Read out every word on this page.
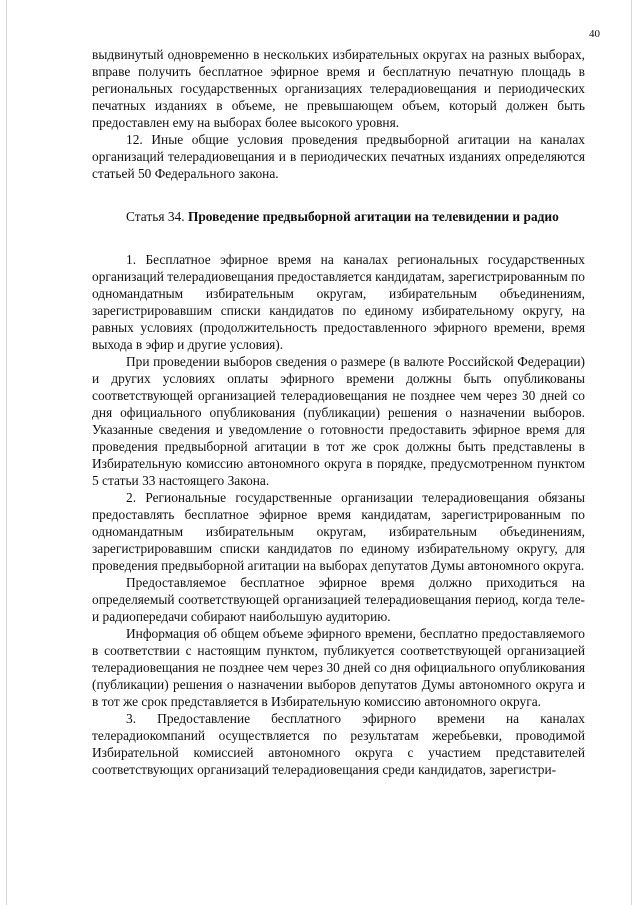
40

выдвинутый одновременно в нескольких избирательных округах на разных выборах, вправе получить бесплатное эфирное время и бесплатную печатную площадь в региональных государственных организациях телерадиовещания и периодических печатных изданиях в объеме, не превышающем объем, который должен быть предоставлен ему на выборах более высокого уровня.

12. Иные общие условия проведения предвыборной агитации на каналах организаций телерадиовещания и в периодических печатных изданиях определяются статьей 50 Федерального закона.

Статья 34. Проведение предвыборной агитации на телевидении и радио

1. Бесплатное эфирное время на каналах региональных государственных организаций телерадиовещания предоставляется кандидатам, зарегистрированным по одномандатным избирательным округам, избирательным объединениям, зарегистрировавшим списки кандидатов по единому избирательному округу, на равных условиях (продолжительность предоставленного эфирного времени, время выхода в эфир и другие условия).

При проведении выборов сведения о размере (в валюте Российской Федерации) и других условиях оплаты эфирного времени должны быть опубликованы соответствующей организацией телерадиовещания не позднее чем через 30 дней со дня официального опубликования (публикации) решения о назначении выборов. Указанные сведения и уведомление о готовности предоставить эфирное время для проведения предвыборной агитации в тот же срок должны быть представлены в Избирательную комиссию автономного округа в порядке, предусмотренном пунктом 5 статьи 33 настоящего Закона.

2. Региональные государственные организации телерадиовещания обязаны предоставлять бесплатное эфирное время кандидатам, зарегистрированным по одномандатным избирательным округам, избирательным объединениям, зарегистрировавшим списки кандидатов по единому избирательному округу, для проведения предвыборной агитации на выборах депутатов Думы автономного округа.

Предоставляемое бесплатное эфирное время должно приходиться на определяемый соответствующей организацией телерадиовещания период, когда теле- и радиопередачи собирают наибольшую аудиторию.

Информация об общем объеме эфирного времени, бесплатно предоставляемого в соответствии с настоящим пунктом, публикуется соответствующей организацией телерадиовещания не позднее чем через 30 дней со дня официального опубликования (публикации) решения о назначении выборов депутатов Думы автономного округа и в тот же срок представляется в Избирательную комиссию автономного округа.

3. Предоставление бесплатного эфирного времени на каналах телерадиокомпаний осуществляется по результатам жеребьевки, проводимой Избирательной комиссией автономного округа с участием представителей соответствующих организаций телерадиовещания среди кандидатов, зарегистри-
